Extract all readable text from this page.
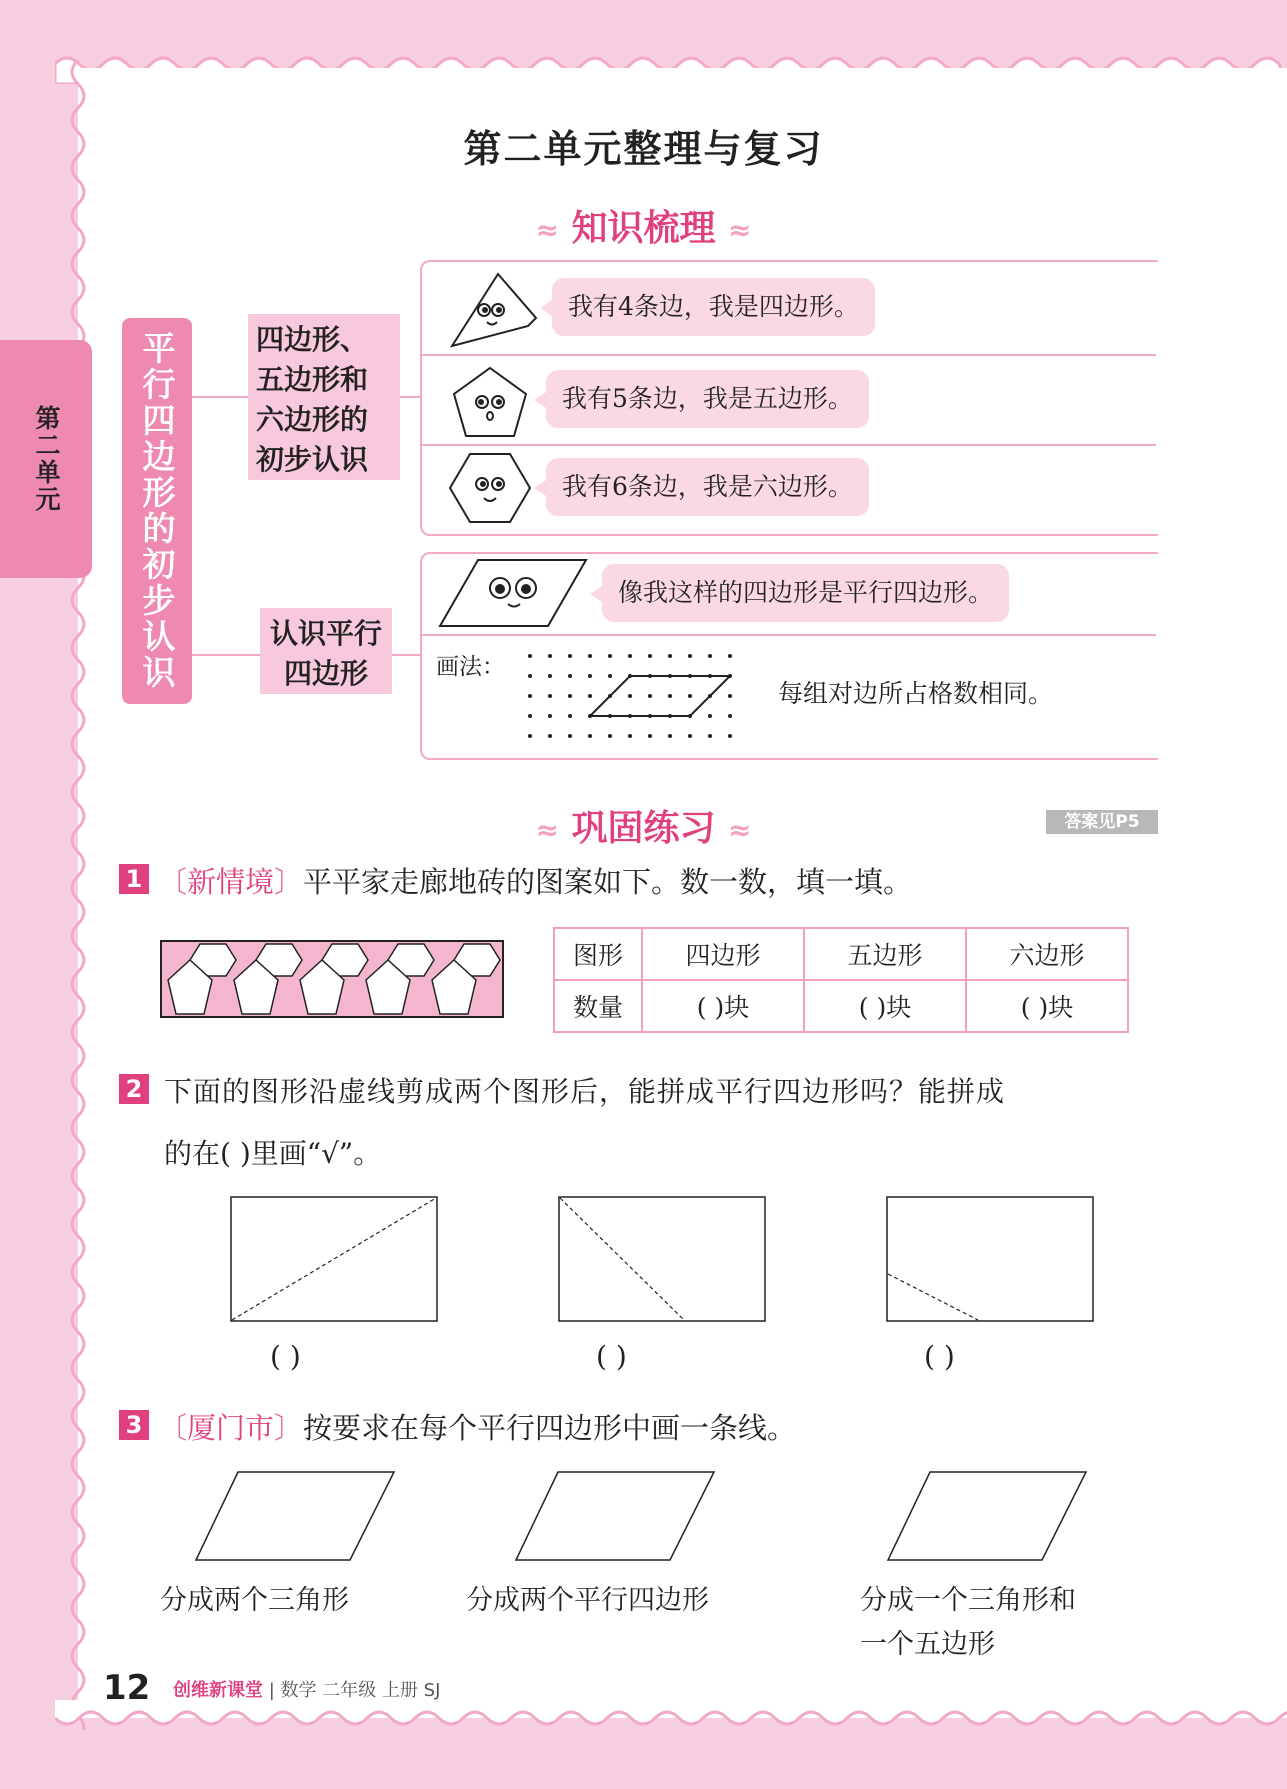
第二单元
第二单元整理与复习
≈ 知识梳理 ≈
平行四边形的初步认识	四边形、五边形和六边形的初步认识
认识平行四边形
我有4条边，我是四边形。
我有5条边，我是五边形。
我有6条边，我是六边形。
像我这样的四边形是平行四边形。
画法：
每组对边所占格数相同。
≈ 巩固练习 ≈	答案见P5
1 〔新情境〕平平家走廊地砖的图案如下。数一数，填一填。
图形	四边形	五边形	六边形
数量	( )块	( )块	( )块
2 下面的图形沿虚线剪成两个图形后，能拼成平行四边形吗？能拼成
的在( )里画“√”。
( )	( )	( )
3 〔厦门市〕按要求在每个平行四边形中画一条线。
分成两个三角形	分成两个平行四边形	分成一个三角形和
一个五边形
12 创维新课堂 | 数学 二年级 上册 SJ
